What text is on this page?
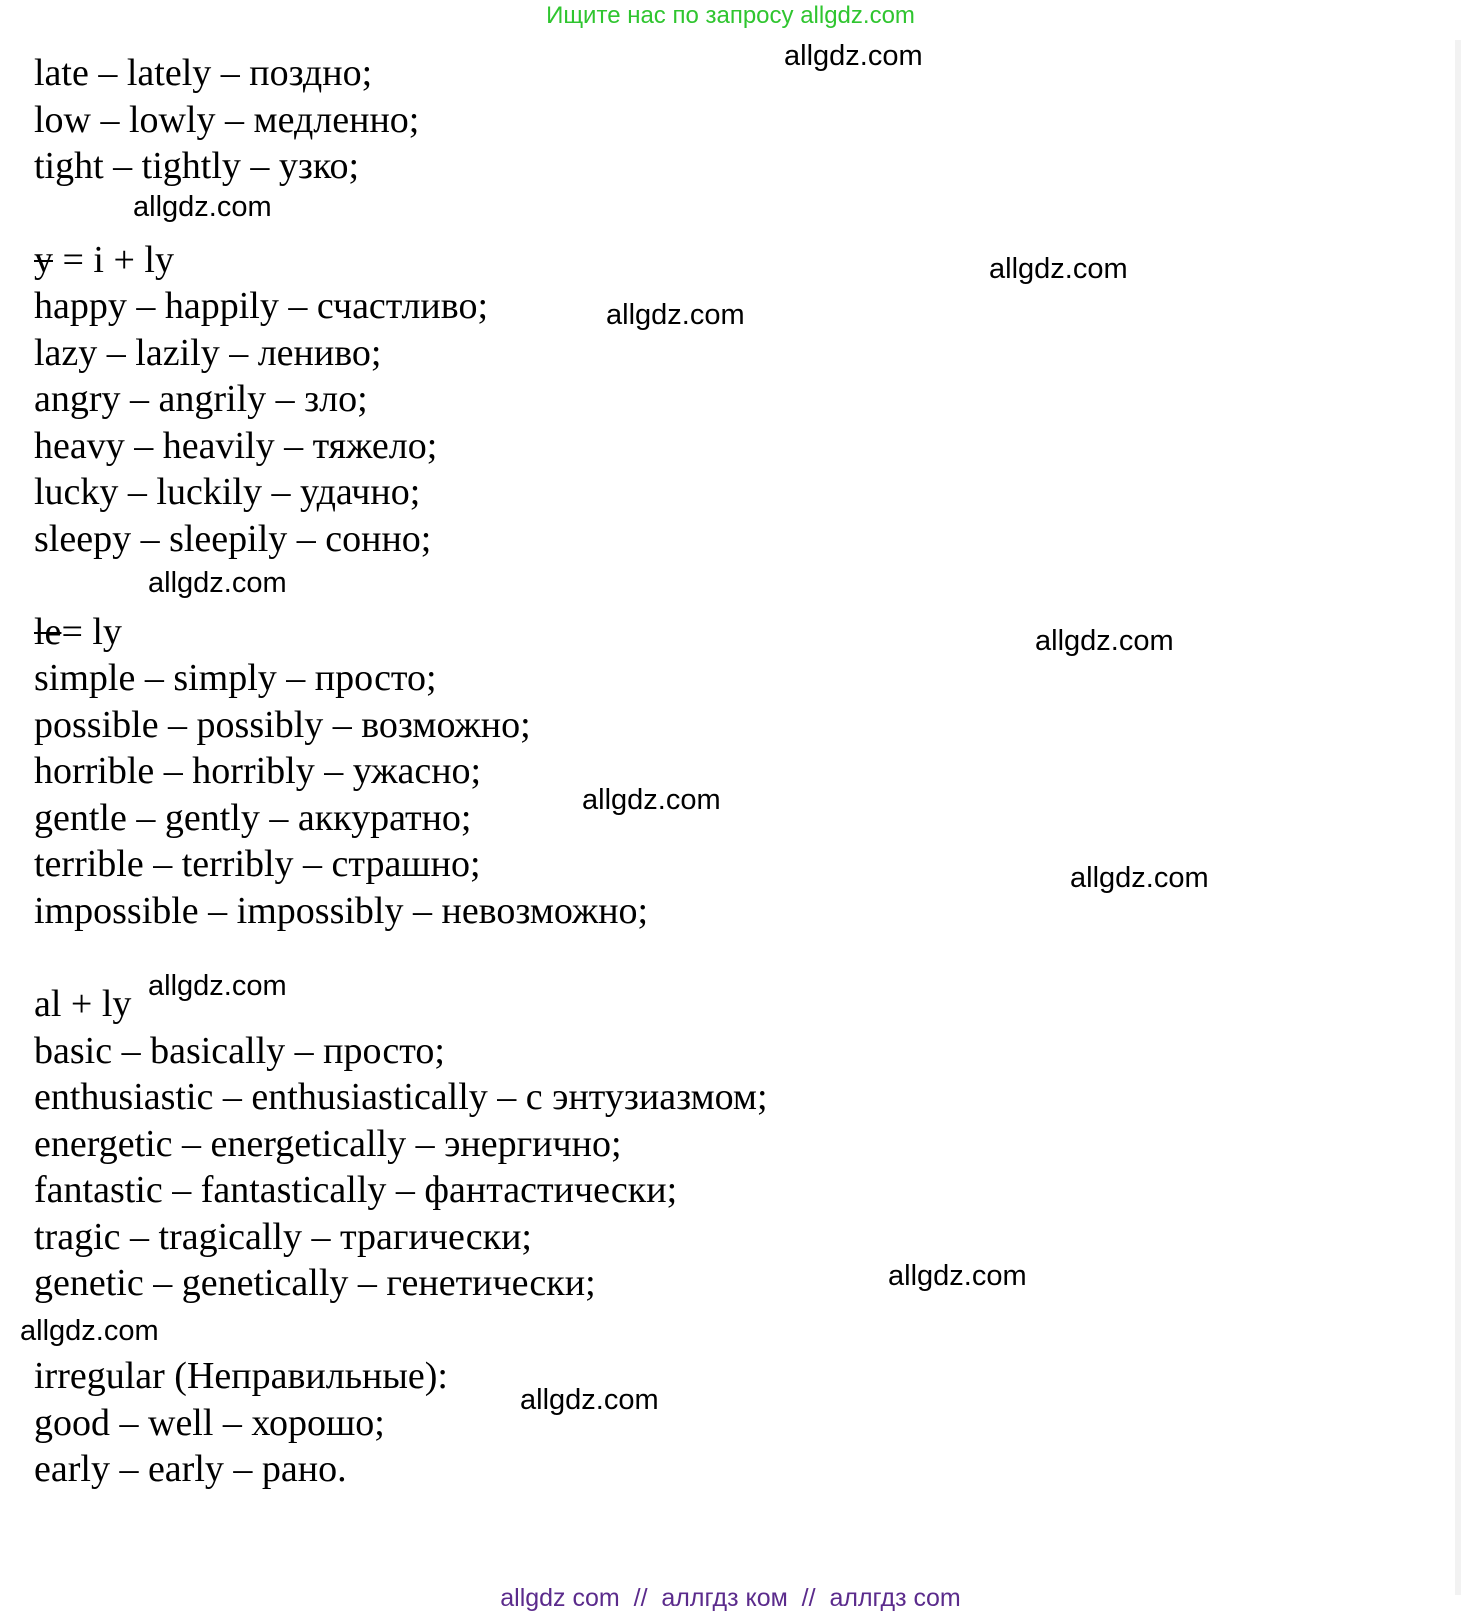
Ищите нас по запросу allgdz.com
late – lately – поздно;
low – lowly – медленно;
tight – tightly – узко;
y = i + ly
happy – happily – счастливо;
lazy – lazily – лениво;
angry – angrily – зло;
heavy – heavily – тяжело;
lucky – luckily – удачно;
sleepy – sleepily – сонно;
le= ly
simple – simply – просто;
possible – possibly – возможно;
horrible – horribly – ужасно;
gentle – gently – аккуратно;
terrible – terribly – страшно;
impossible – impossibly – невозможно;
al + ly
basic – basically – просто;
enthusiastic – enthusiastically – с энтузиазмом;
energetic – energetically – энергично;
fantastic – fantastically – фантастически;
tragic – tragically – трагически;
genetic – genetically – генетически;
irregular (Неправильные):
good – well – хорошо;
early – early – рано.
allgdz.com
allgdz.com
allgdz.com
allgdz.com
allgdz.com
allgdz.com
allgdz.com
allgdz.com
allgdz.com
allgdz.com
allgdz.com
allgdz.com
allgdz com  //  аллгдз ком  //  аллгдз com
